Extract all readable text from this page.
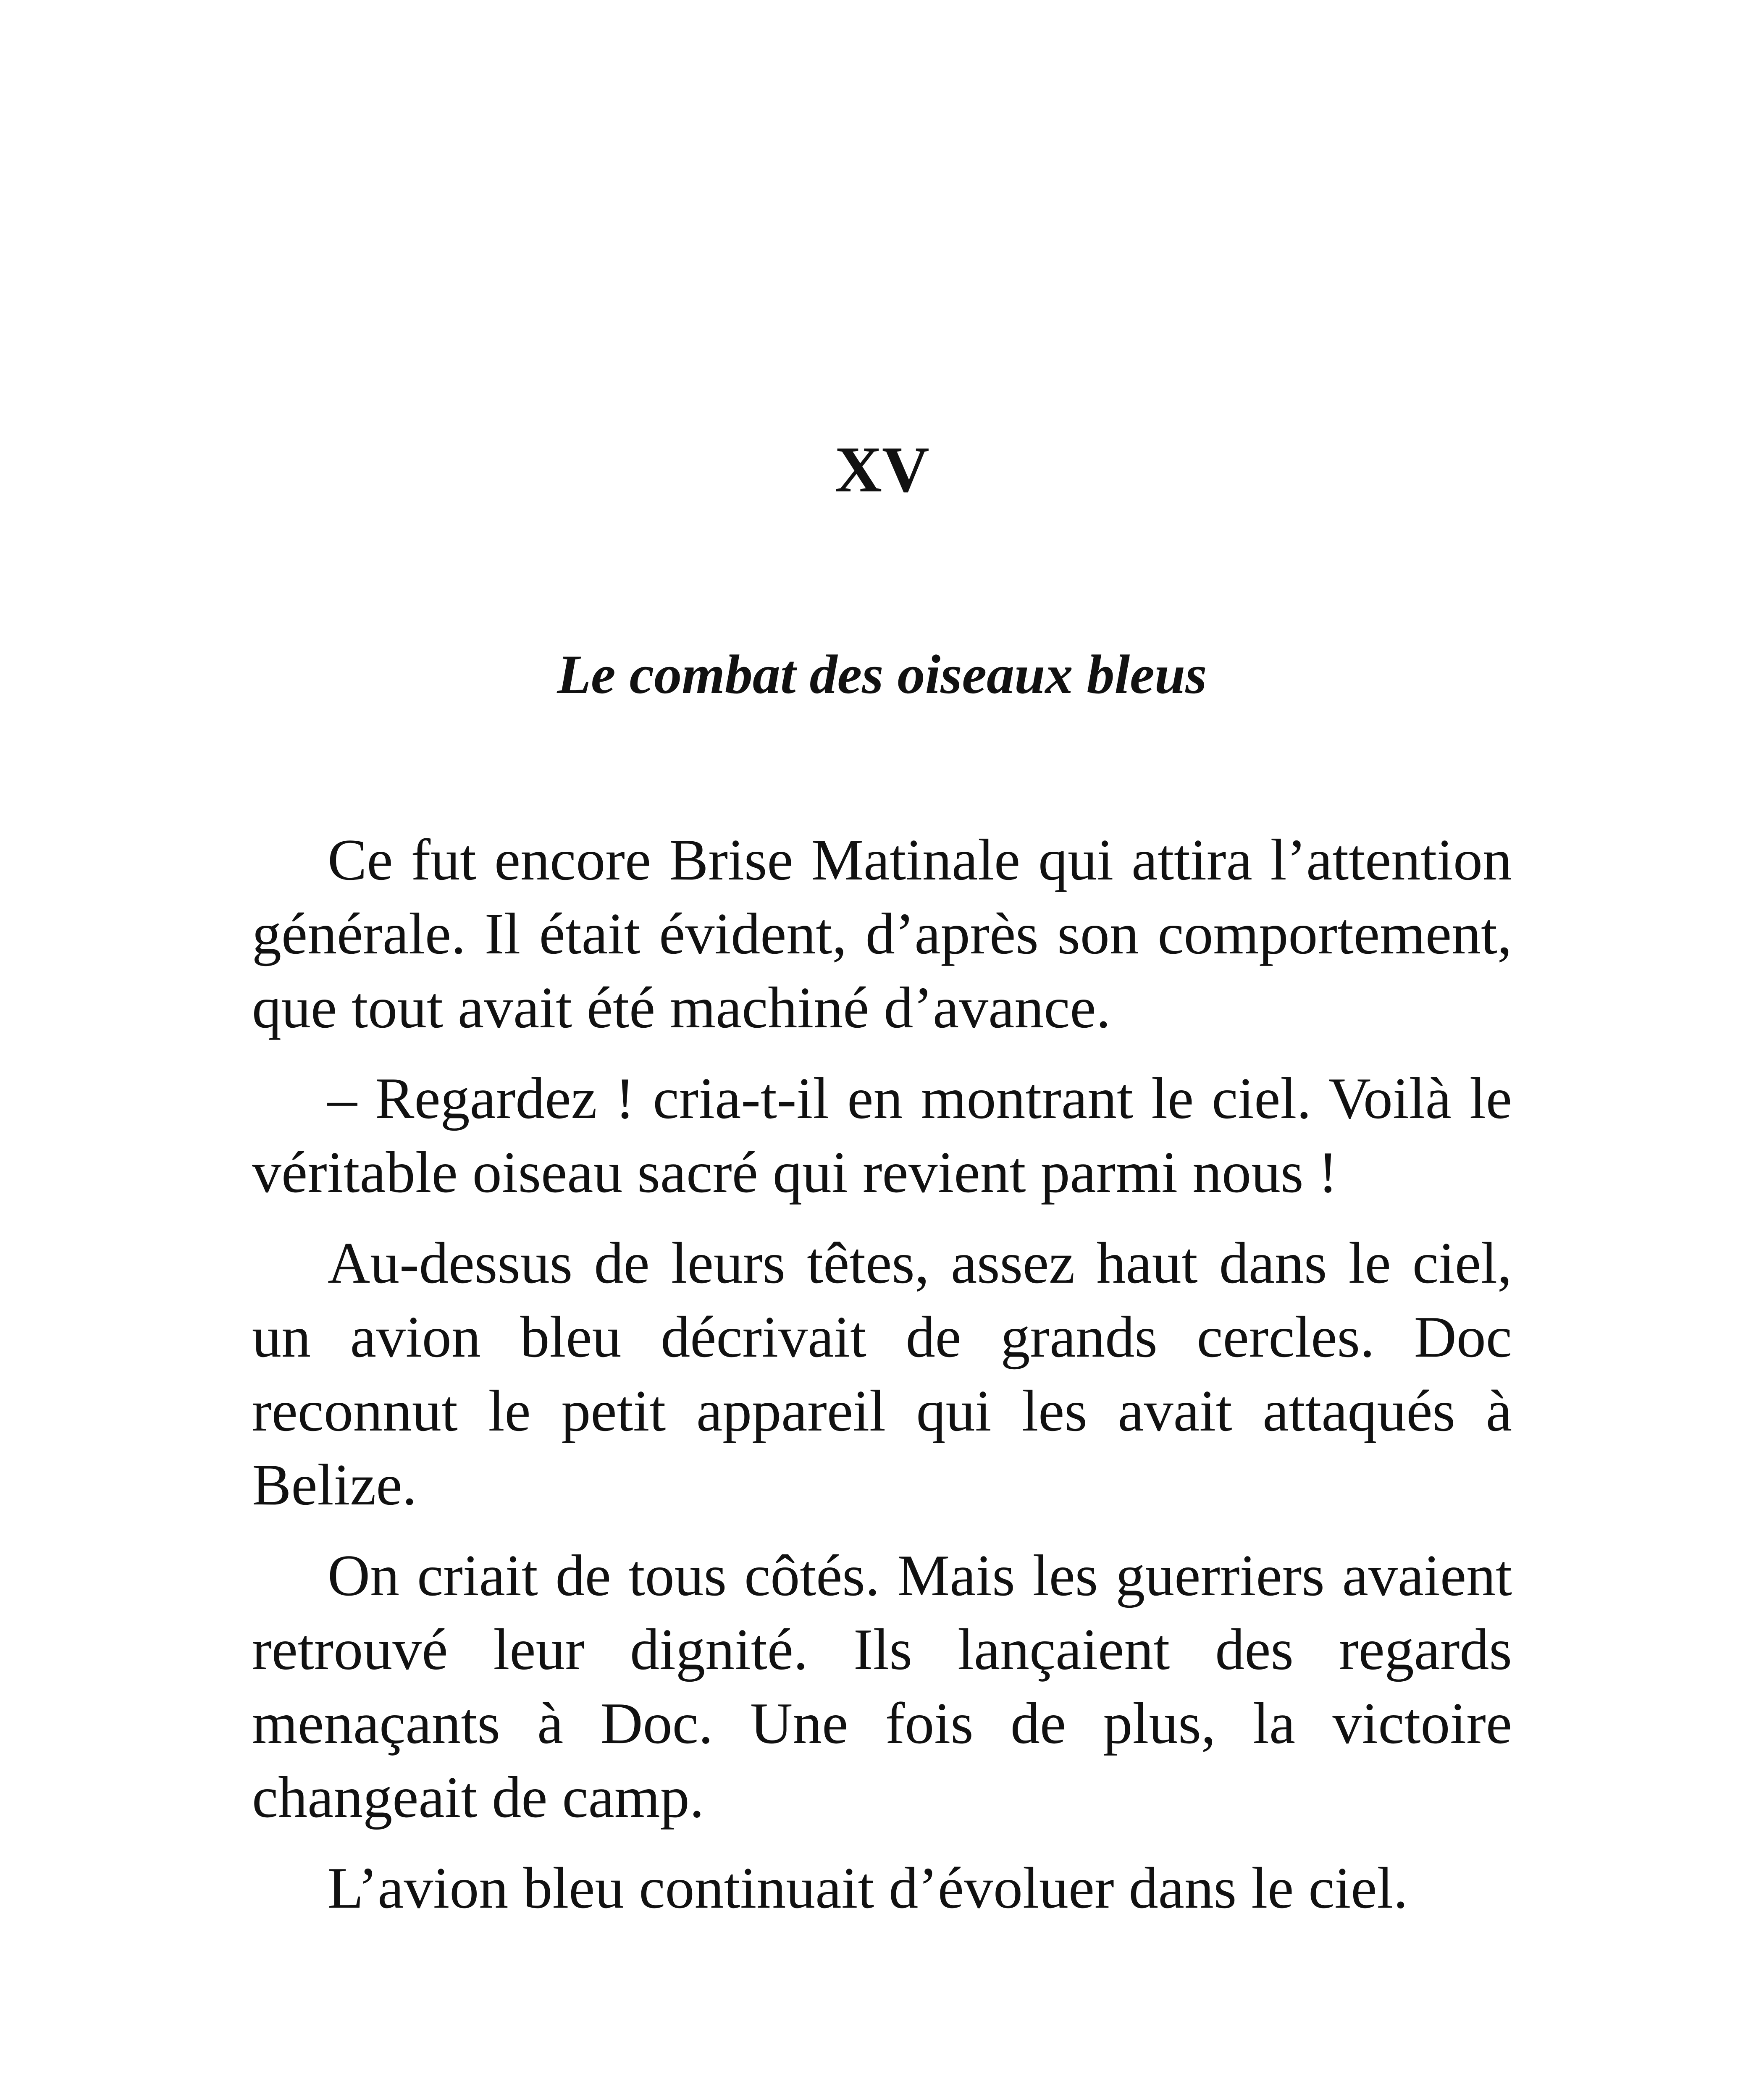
XV
Le combat des oiseaux bleus

Ce fut encore Brise Matinale qui attira l’attention générale. Il était évident, d’après son comportement, que tout avait été machiné d’avance.

– Regardez ! cria-t-il en montrant le ciel. Voilà le véritable oiseau sacré qui revient parmi nous !

Au-dessus de leurs têtes, assez haut dans le ciel, un avion bleu décrivait de grands cercles. Doc reconnut le petit appareil qui les avait attaqués à Belize.

On criait de tous côtés. Mais les guerriers avaient retrouvé leur dignité. Ils lançaient des regards menaçants à Doc. Une fois de plus, la victoire changeait de camp.

L’avion bleu continuait d’évoluer dans le ciel.
